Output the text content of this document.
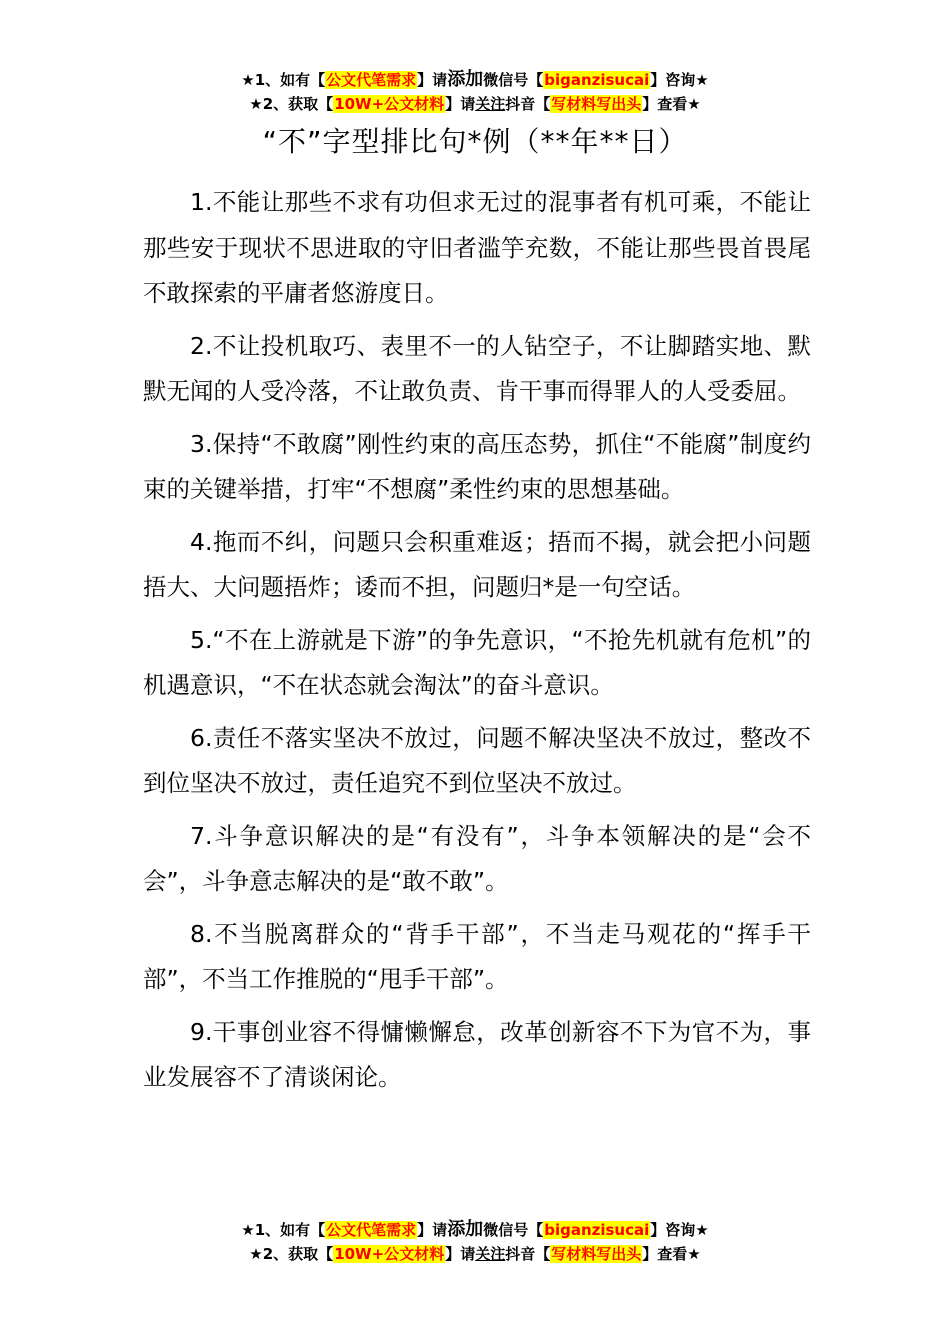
★1、如有【公文代笔需求】请添加微信号【biganzisucai】咨询★
★2、获取【10W+公文材料】请关注抖音【写材料写出头】查看★
“不”字型排比句*例（**年**日）

1.不能让那些不求有功但求无过的混事者有机可乘，不能让那些安于现状不思进取的守旧者滥竽充数，不能让那些畏首畏尾不敢探索的平庸者悠游度日。

2.不让投机取巧、表里不一的人钻空子，不让脚踏实地、默默无闻的人受冷落，不让敢负责、肯干事而得罪人的人受委屈。

3.保持“不敢腐”刚性约束的高压态势，抓住“不能腐”制度约束的关键举措，打牢“不想腐”柔性约束的思想基础。

4.拖而不纠，问题只会积重难返；捂而不揭，就会把小问题捂大、大问题捂炸；诿而不担，问题归*是一句空话。

5.“不在上游就是下游”的争先意识，“不抢先机就有危机”的机遇意识，“不在状态就会淘汰”的奋斗意识。

6.责任不落实坚决不放过，问题不解决坚决不放过，整改不到位坚决不放过，责任追究不到位坚决不放过。

7.斗争意识解决的是“有没有”，斗争本领解决的是“会不会”，斗争意志解决的是“敢不敢”。

8.不当脱离群众的“背手干部”，不当走马观花的“挥手干部”，不当工作推脱的“甩手干部”。

9.干事创业容不得慵懒懈怠，改革创新容不下为官不为，事业发展容不了清谈闲论。

★1、如有【公文代笔需求】请添加微信号【biganzisucai】咨询★
★2、获取【10W+公文材料】请关注抖音【写材料写出头】查看★
